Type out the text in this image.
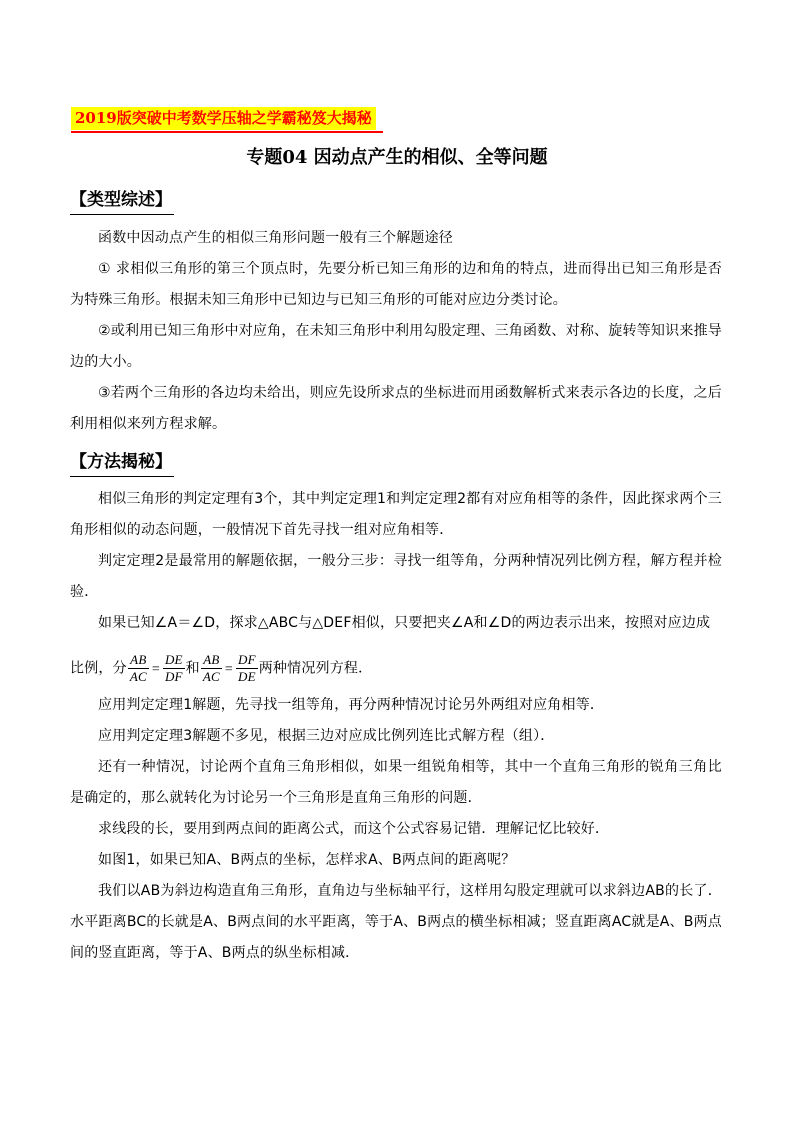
2019版突破中考数学压轴之学霸秘笈大揭秘
专题04 因动点产生的相似、全等问题
【类型综述】
函数中因动点产生的相似三角形问题一般有三个解题途径
① 求相似三角形的第三个顶点时，先要分析已知三角形的边和角的特点，进而得出已知三角形是否为特殊三角形。根据未知三角形中已知边与已知三角形的可能对应边分类讨论。
②或利用已知三角形中对应角，在未知三角形中利用勾股定理、三角函数、对称、旋转等知识来推导边的大小。
③若两个三角形的各边均未给出，则应先设所求点的坐标进而用函数解析式来表示各边的长度，之后利用相似来列方程求解。
【方法揭秘】
相似三角形的判定定理有3个，其中判定定理1和判定定理2都有对应角相等的条件，因此探求两个三角形相似的动态问题，一般情况下首先寻找一组对应角相等．
判定定理2是最常用的解题依据，一般分三步：寻找一组等角，分两种情况列比例方程，解方程并检验．
如果已知∠A＝∠D，探求△ABC与△DEF相似，只要把夹∠A和∠D的两边表示出来，按照对应边成
比例，分 $\frac{AB}{AC} = \frac{DE}{DF}$ 和 $\frac{AB}{AC} = \frac{DF}{DE}$ 两种情况列方程．
应用判定定理1解题，先寻找一组等角，再分两种情况讨论另外两组对应角相等．
应用判定定理3解题不多见，根据三边对应成比例列连比式解方程（组）．
还有一种情况，讨论两个直角三角形相似，如果一组锐角相等，其中一个直角三角形的锐角三角比是确定的，那么就转化为讨论另一个三角形是直角三角形的问题．
求线段的长，要用到两点间的距离公式，而这个公式容易记错．理解记忆比较好．
如图1，如果已知A、B两点的坐标，怎样求A、B两点间的距离呢？
我们以AB为斜边构造直角三角形，直角边与坐标轴平行，这样用勾股定理就可以求斜边AB的长了．水平距离BC的长就是A、B两点间的水平距离，等于A、B两点的横坐标相减；竖直距离AC就是A、B两点间的竖直距离，等于A、B两点的纵坐标相减．
